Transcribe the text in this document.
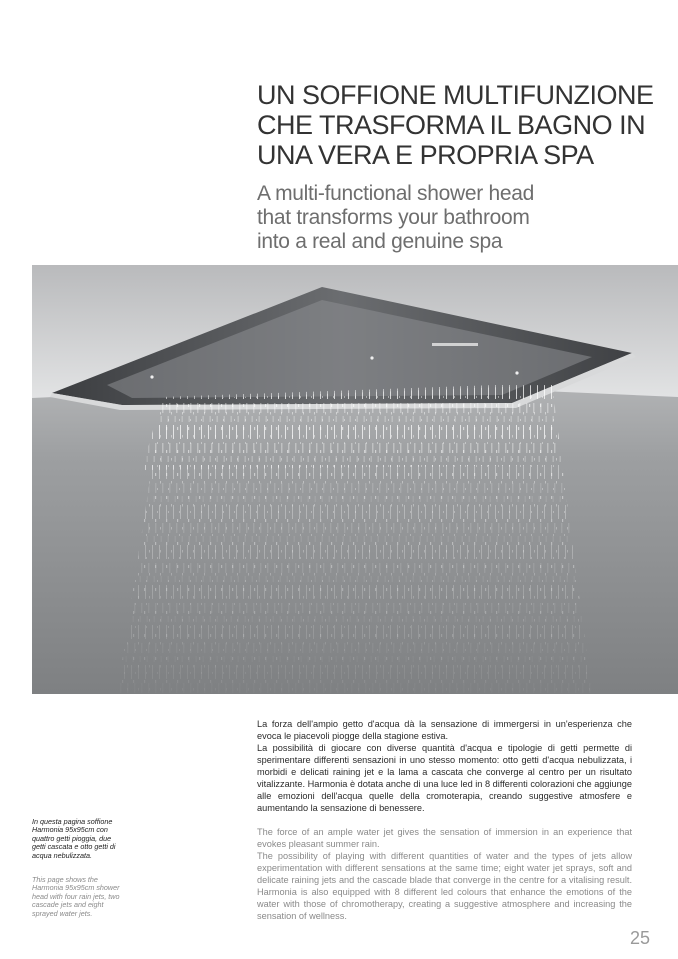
UN SOFFIONE MULTIFUNZIONE
CHE TRASFORMA IL BAGNO IN
UNA VERA E PROPRIA SPA
A multi-functional shower head
that transforms your bathroom
into a real and genuine spa

La forza dell'ampio getto d'acqua dà la sensazione di immergersi in un'esperienza che evoca le piacevoli piogge della stagione estiva.

La possibilità di giocare con diverse quantità d'acqua e tipologie di getti permette di sperimentare differenti sensazioni in uno stesso momento: otto getti d'acqua nebulizzata, i morbidi e delicati raining jet e la lama a cascata che converge al centro per un risultato vitalizzante. Harmonia è dotata anche di una luce led in 8 differenti colorazioni che aggiunge alle emozioni dell'acqua quelle della cromoterapia, creando suggestive atmosfere e aumentando la sensazione di benessere.

The force of an ample water jet gives the sensation of immersion in an experience that evokes pleasant summer rain.

The possibility of playing with different quantities of water and the types of jets allow experimentation with different sensations at the same time; eight water jet sprays, soft and delicate raining jets and the cascade blade that converge in the centre for a vitalising result. Harmonia is also equipped with 8 different led colours that enhance the emotions of the water with those of chromotherapy, creating a suggestive atmosphere and increasing the sensation of wellness.

In questa pagina soffione Harmonia 95x95cm con quattro getti pioggia, due getti cascata e otto getti di acqua nebulizzata.

This page shows the Harmonia 95x95cm shower head with four rain jets, two cascade jets and eight sprayed water jets.

25
